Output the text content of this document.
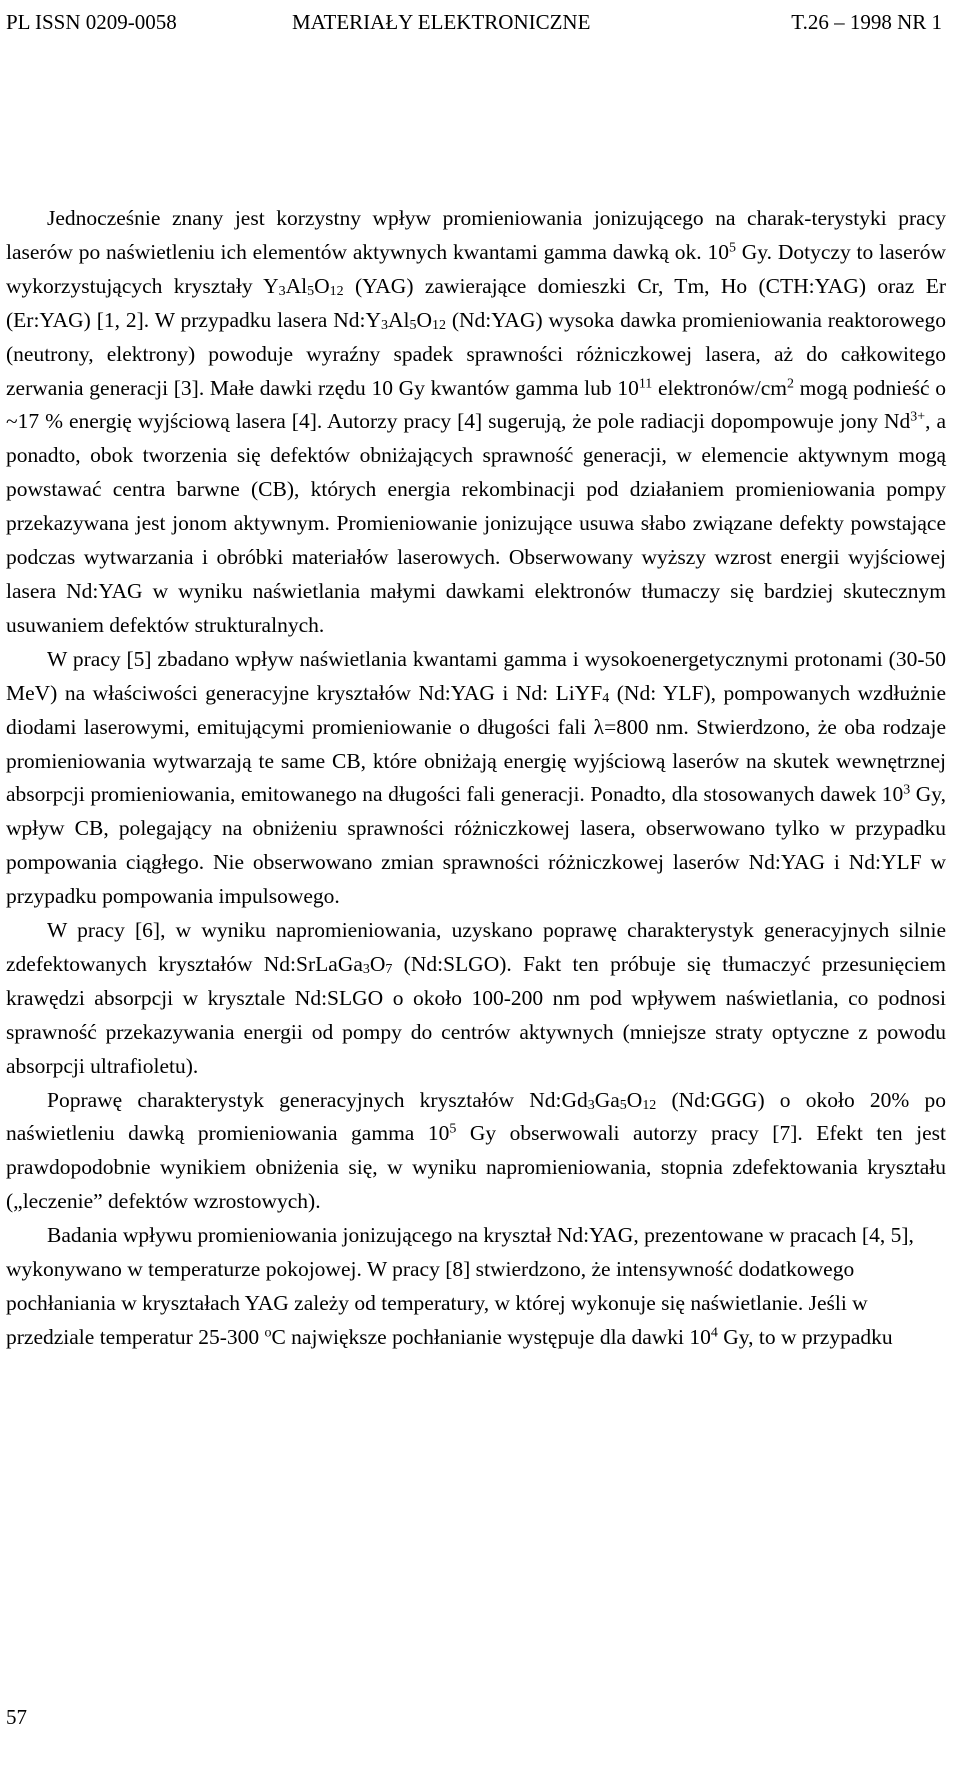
PL ISSN 0209-0058	MATERIAŁY ELEKTRONICZNE	T.26 – 1998 NR 1

Jednocześnie znany jest korzystny wpływ promieniowania jonizującego na charak-terystyki pracy laserów po naświetleniu ich elementów aktywnych kwantami gamma dawką ok. $10^5$ Gy. Dotyczy to laserów wykorzystujących kryształy $Y_3Al_5O_{12}$ (YAG) zawierające domieszki Cr, Tm, Ho (CTH:YAG) oraz Er (Er:YAG) [1, 2]. W przypadku lasera $Nd:Y_3Al_5O_{12}$ (Nd:YAG) wysoka dawka promieniowania reaktorowego (neutrony, elektrony) powoduje wyraźny spadek sprawności różniczkowej lasera, aż do całkowitego zerwania generacji [3]. Małe dawki rzędu 10 Gy kwantów gamma lub $10^{11}$ elektronów/$cm^2$ mogą podnieść o ~17 % energię wyjściową lasera [4]. Autorzy pracy [4] sugerują, że pole radiacji dopompowuje jony $Nd^{3+}$, a ponadto, obok tworzenia się defektów obniżających sprawność generacji, w elemencie aktywnym mogą powstawać centra barwne (CB), których energia rekombinacji pod działaniem promieniowania pompy przekazywana jest jonom aktywnym. Promieniowanie jonizujące usuwa słabo związane defekty powstające podczas wytwarzania i obróbki materiałów laserowych. Obserwowany wyższy wzrost energii wyjściowej lasera Nd:YAG w wyniku naświetlania małymi dawkami elektronów tłumaczy się bardziej skutecznym usuwaniem defektów strukturalnych.

W pracy [5] zbadano wpływ naświetlania kwantami gamma i wysokoenergetycznymi protonami (30-50 MeV) na właściwości generacyjne kryształów Nd:YAG i Nd: LiYF$_4$ (Nd: YLF), pompowanych wzdłużnie diodami laserowymi, emitującymi promieniowanie o długości fali λ=800 nm. Stwierdzono, że oba rodzaje promieniowania wytwarzają te same CB, które obniżają energię wyjściową laserów na skutek wewnętrznej absorpcji promieniowania, emitowanego na długości fali generacji. Ponadto, dla stosowanych dawek $10^3$ Gy, wpływ CB, polegający na obniżeniu sprawności różniczkowej lasera, obserwowano tylko w przypadku pompowania ciągłego. Nie obserwowano zmian sprawności różniczkowej laserów Nd:YAG i Nd:YLF w przypadku pompowania impulsowego.

W pracy [6], w wyniku napromieniowania, uzyskano poprawę charakterystyk generacyjnych silnie zdefektowanych kryształów $Nd:SrLaGa_3O_7$ (Nd:SLGO). Fakt ten próbuje się tłumaczyć przesunięciem krawędzi absorpcji w krysztale Nd:SLGO o około 100-200 nm pod wpływem naświetlania, co podnosi sprawność przekazywania energii od pompy do centrów aktywnych (mniejsze straty optyczne z powodu absorpcji ultrafioletu).

Poprawę charakterystyk generacyjnych kryształów $Nd:Gd_3Ga_5O_{12}$ (Nd:GGG) o około 20% po naświetleniu dawką promieniowania gamma $10^5$ Gy obserwowali autorzy pracy [7]. Efekt ten jest prawdopodobnie wynikiem obniżenia się, w wyniku napromieniowania, stopnia zdefektowania kryształu („leczenie” defektów wzrostowych).

Badania wpływu promieniowania jonizującego na kryształ Nd:YAG, prezentowane w pracach [4, 5], wykonywano w temperaturze pokojowej. W pracy [8] stwierdzono, że intensywność dodatkowego pochłaniania w kryształach YAG zależy od temperatury, w której wykonuje się naświetlanie. Jeśli w przedziale temperatur 25-300 $^o$C największe pochłanianie występuje dla dawki $10^4$ Gy, to w przypadku

57
